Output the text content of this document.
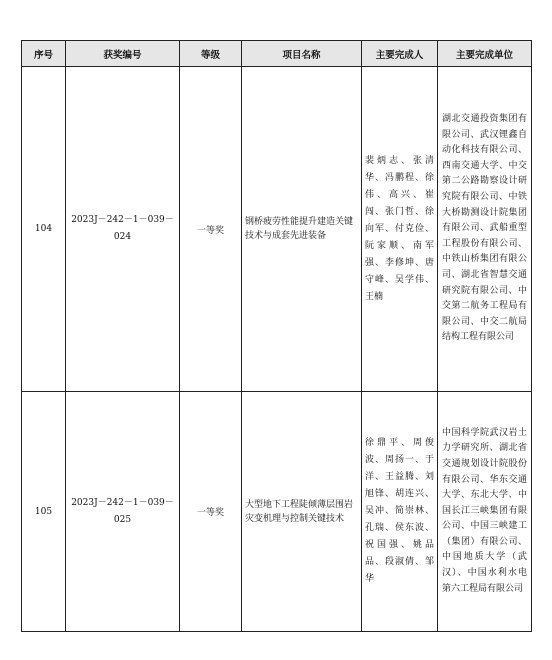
序号	获奖编号	等级	项目名称	主要完成人	主要完成单位
104	2023J－242－1－039－024	一等奖	钢桥疲劳性能提升建造关键技术与成套先进装备	裴炳志、张清华、冯鹏程、徐伟、高兴、崔闯、张门哲、徐向军、付克俭、阮家顺、南军强、李修坤、唐守峰、吴学伟、王楠	湖北交通投资集团有限公司、武汉锂鑫自动化科技有限公司、西南交通大学、中交第二公路勘察设计研究院有限公司、中铁大桥勘测设计院集团有限公司、武船重型工程股份有限公司、中铁山桥集团有限公司、湖北省智慧交通研究院有限公司、中交第二航务工程局有限公司、中交二航局结构工程有限公司
105	2023J－242－1－039－025	一等奖	大型地下工程陡倾薄层围岩灾变机理与控制关键技术	徐鼎平、周俊波、周扬一、于洋、王益腾、刘旭锋、胡连兴、吴冲、简崇林、孔瑞、侯东波、祝国强、姚品品、段淑倩、邹华	中国科学院武汉岩土力学研究所、湖北省交通规划设计院股份有限公司、华东交通大学、东北大学、中国长江三峡集团有限公司、中国三峡建工（集团）有限公司、中国地质大学（武汉）、中国水利水电第六工程局有限公司
